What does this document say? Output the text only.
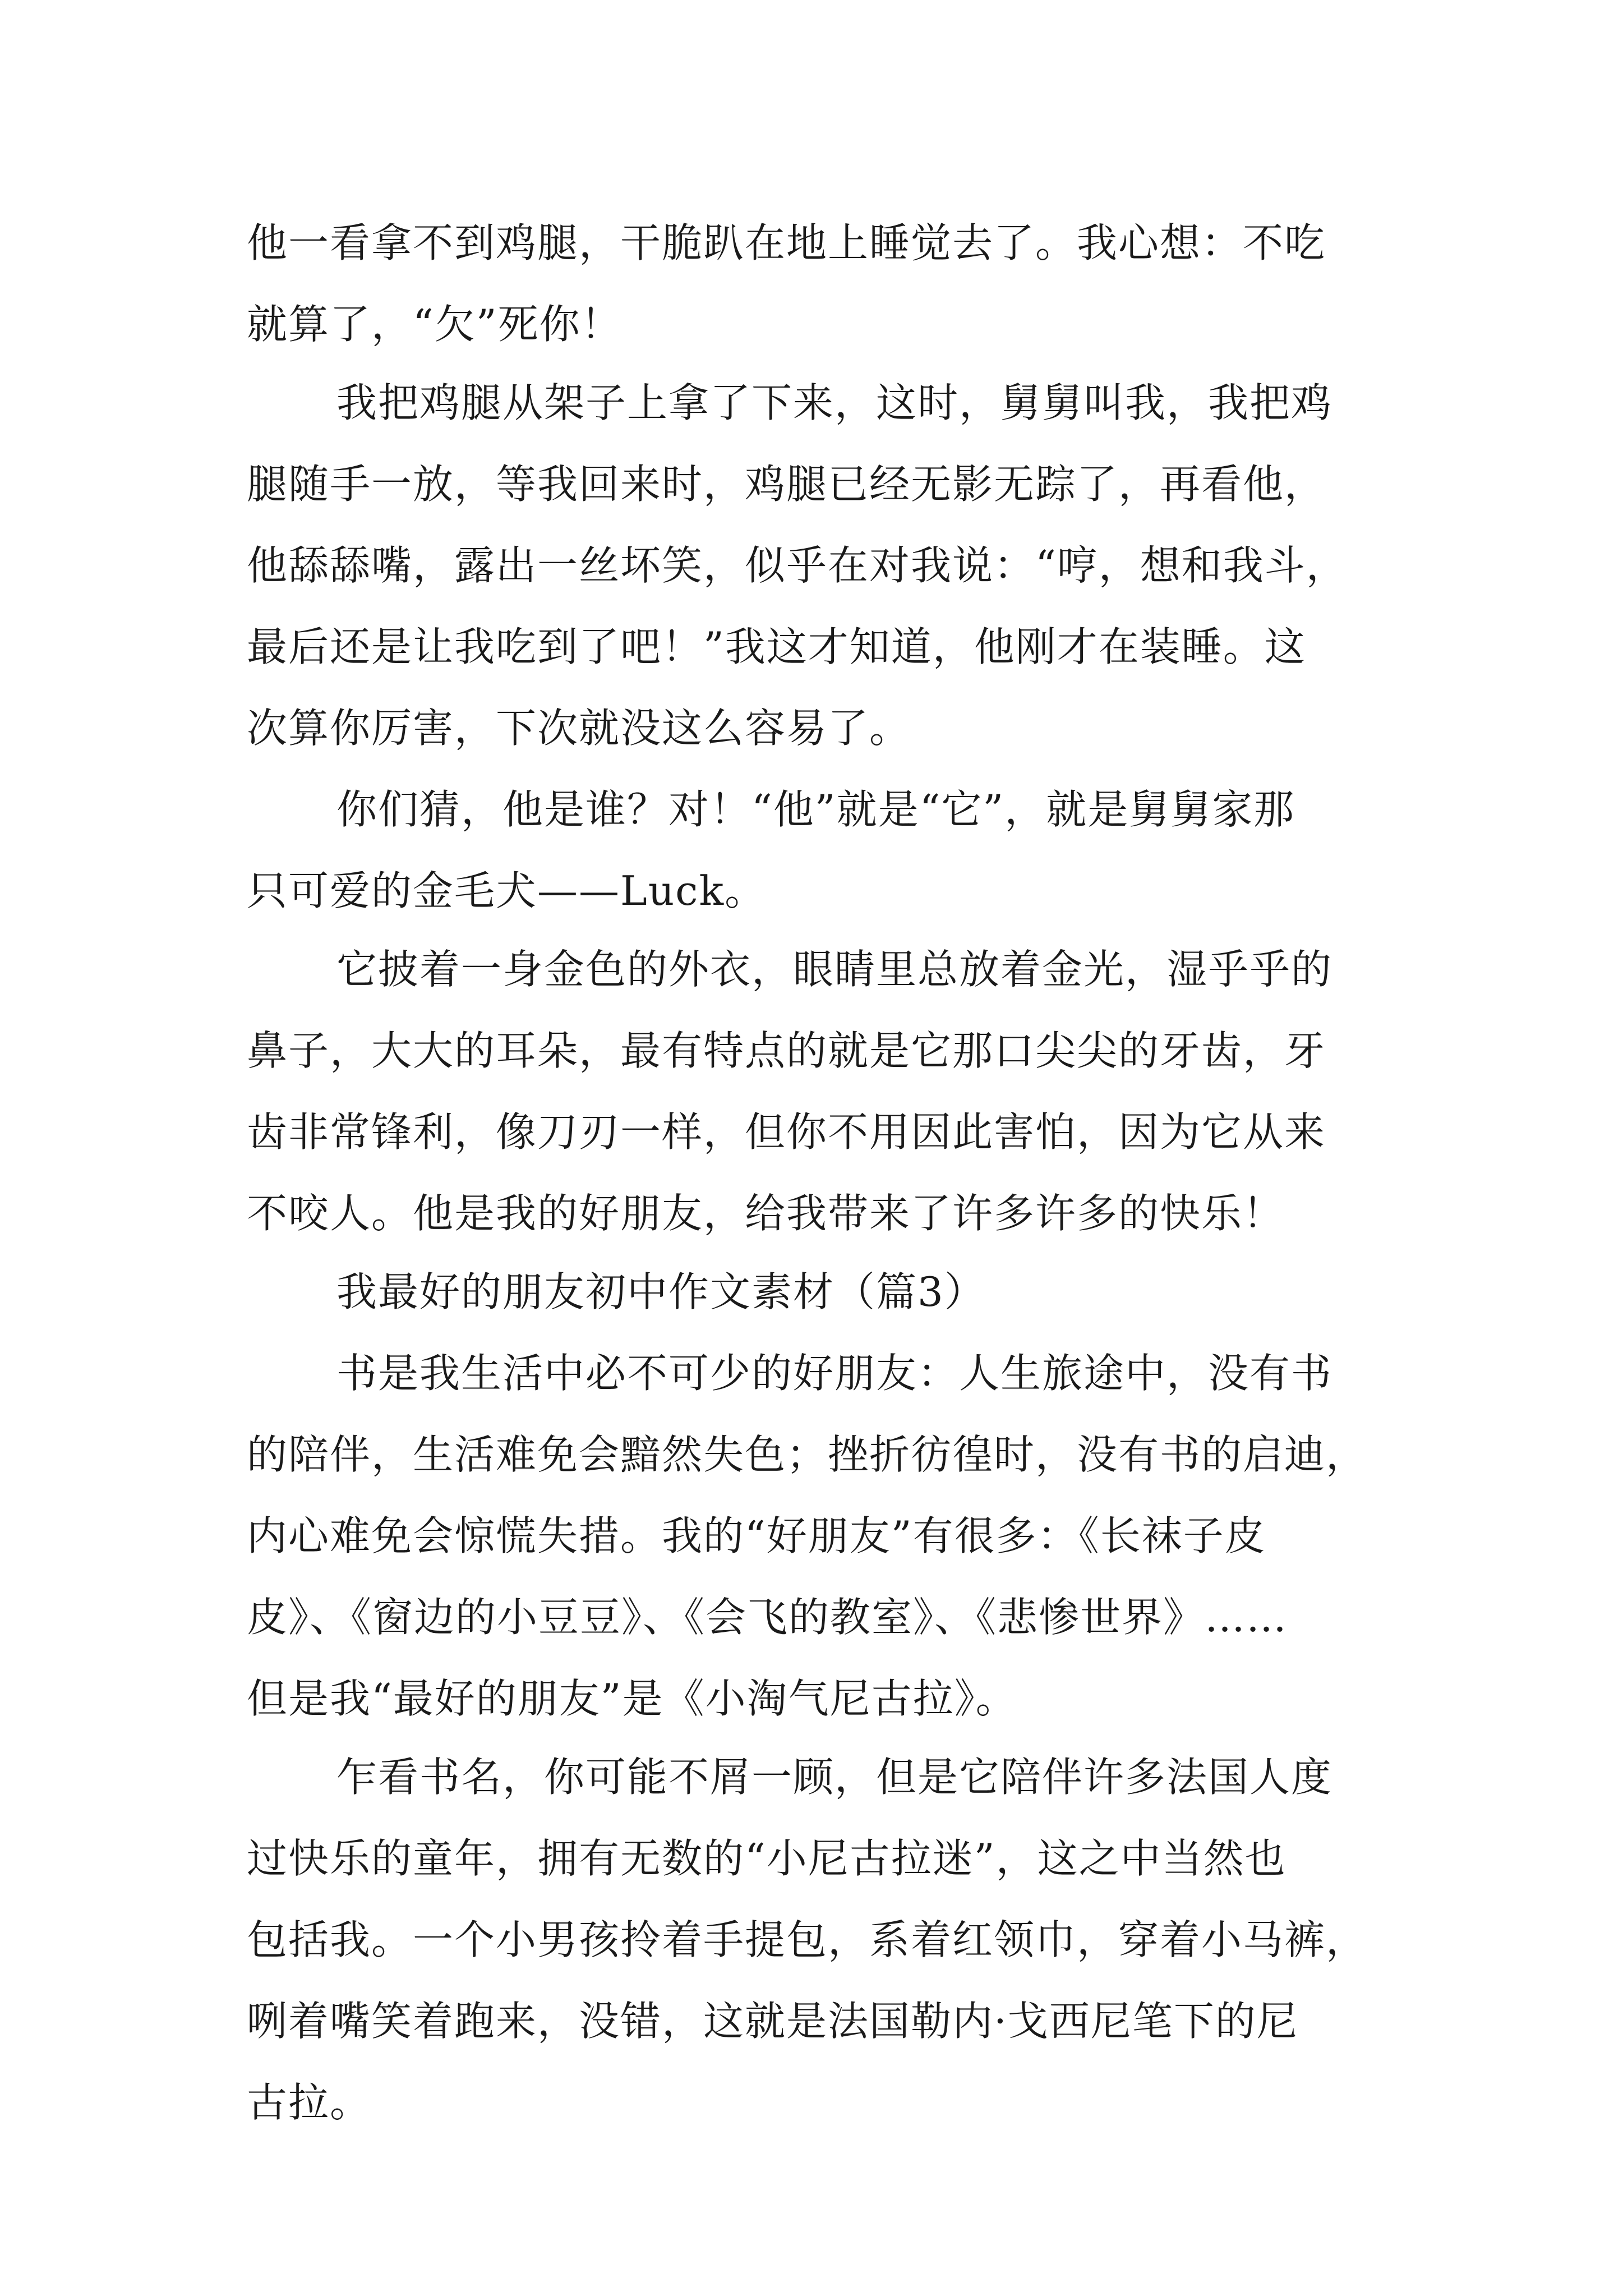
他一看拿不到鸡腿，干脆趴在地上睡觉去了。我心想：不吃
就算了，“欠”死你！
我把鸡腿从架子上拿了下来，这时，舅舅叫我，我把鸡
腿随手一放，等我回来时，鸡腿已经无影无踪了，再看他，
他舔舔嘴，露出一丝坏笑，似乎在对我说：“哼，想和我斗，
最后还是让我吃到了吧！”我这才知道，他刚才在装睡。这
次算你厉害，下次就没这么容易了。
你们猜，他是谁？对！“他”就是“它”，就是舅舅家那
只可爱的金毛犬——Luck。
它披着一身金色的外衣，眼睛里总放着金光，湿乎乎的
鼻子，大大的耳朵，最有特点的就是它那口尖尖的牙齿，牙
齿非常锋利，像刀刃一样，但你不用因此害怕，因为它从来
不咬人。他是我的好朋友，给我带来了许多许多的快乐！
我最好的朋友初中作文素材（篇3）
书是我生活中必不可少的好朋友：人生旅途中，没有书
的陪伴，生活难免会黯然失色；挫折彷徨时，没有书的启迪，
内心难免会惊慌失措。我的“好朋友”有很多：《长袜子皮
皮》、《窗边的小豆豆》、《会飞的教室》、《悲惨世界》……
但是我“最好的朋友”是《小淘气尼古拉》。
乍看书名，你可能不屑一顾，但是它陪伴许多法国人度
过快乐的童年，拥有无数的“小尼古拉迷”，这之中当然也
包括我。一个小男孩拎着手提包，系着红领巾，穿着小马裤，
咧着嘴笑着跑来，没错，这就是法国勒内·戈西尼笔下的尼
古拉。
